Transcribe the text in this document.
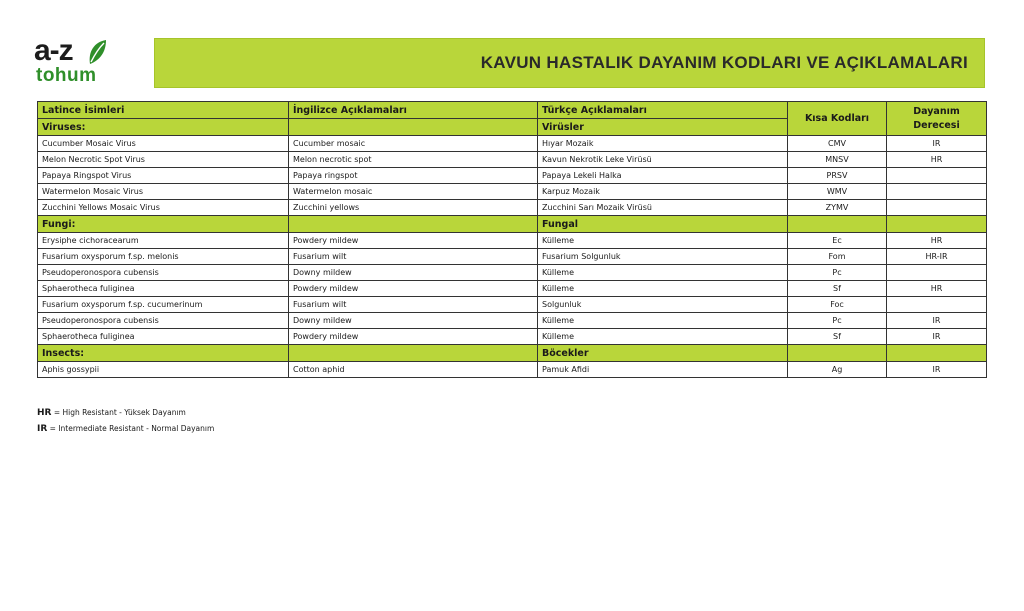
a-z
tohum
KAVUN HASTALIK DAYANIM KODLARI VE AÇIKLAMALARI
Latince İsimleri	İngilizce Açıklamaları	Türkçe Açıklamaları	Kısa Kodları	Dayanım Derecesi
Viruses:		Virüsler		
Cucumber Mosaic Virus	Cucumber mosaic	Hıyar Mozaik	CMV	IR
Melon Necrotic Spot Virus	Melon necrotic spot	Kavun Nekrotik Leke Virüsü	MNSV	HR
Papaya Ringspot Virus	Papaya ringspot	Papaya Lekeli Halka	PRSV	
Watermelon Mosaic Virus	Watermelon mosaic	Karpuz Mozaik	WMV	
Zucchini Yellows Mosaic Virus	Zucchini yellows	Zucchini Sarı Mozaik Virüsü	ZYMV	
Fungi:		Fungal		
Erysiphe cichoracearum	Powdery mildew	Külleme	Ec	HR
Fusarium oxysporum f.sp. melonis	Fusarium wilt	Fusarium Solgunluk	Fom	HR-IR
Pseudoperonospora cubensis	Downy mildew	Külleme	Pc	
Sphaerotheca fuliginea	Powdery mildew	Külleme	Sf	HR
Fusarium oxysporum f.sp. cucumerinum	Fusarium wilt	Solgunluk	Foc	
Pseudoperonospora cubensis	Downy mildew	Külleme	Pc	IR
Sphaerotheca fuliginea	Powdery mildew	Külleme	Sf	IR
Insects:		Böcekler		
Aphis gossypii	Cotton aphid	Pamuk Afidi	Ag	IR
HR = High Resistant - Yüksek Dayanım
IR = Intermediate Resistant - Normal Dayanım
